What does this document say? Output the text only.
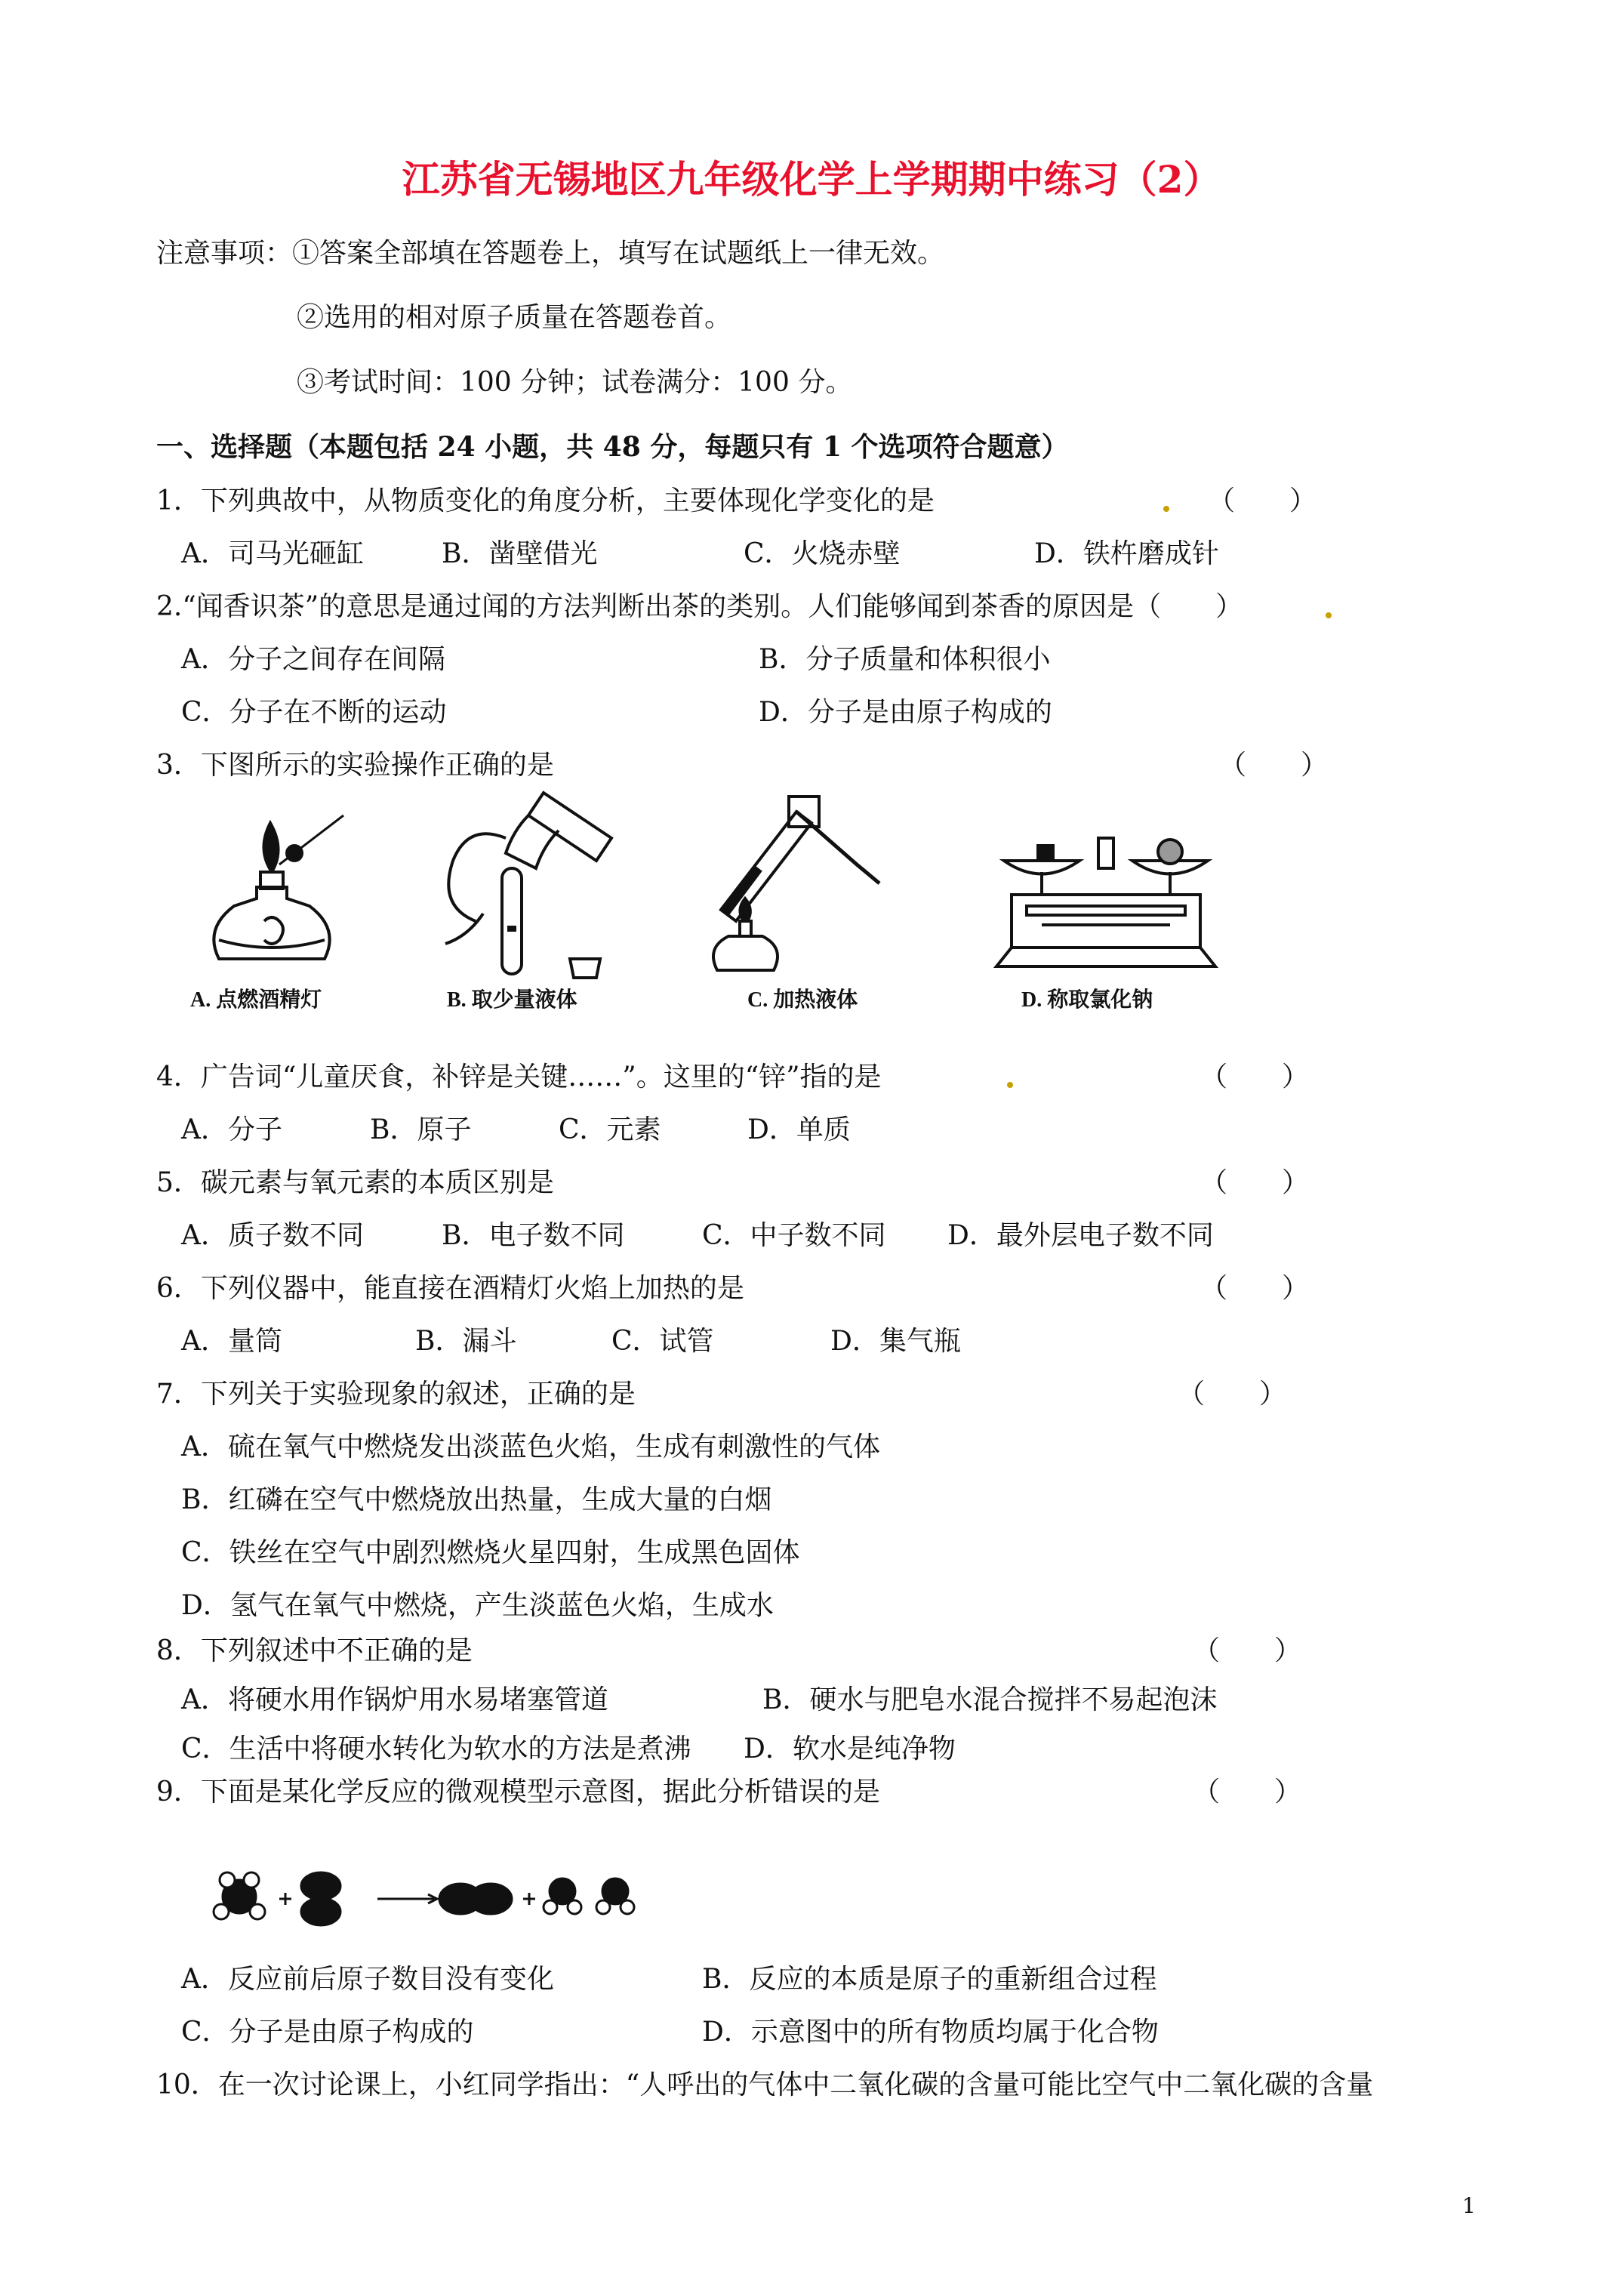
江苏省无锡地区九年级化学上学期期中练习（2）
注意事项：①答案全部填在答题卷上，填写在试题纸上一律无效。
②选用的相对原子质量在答题卷首。
③考试时间：100 分钟；试卷满分：100 分。
一、选择题（本题包括 24 小题，共 48 分，每题只有 1 个选项符合题意）
1．下列典故中，从物质变化的角度分析，主要体现化学变化的是	（　　）
A．司马光砸缸	B．凿壁借光	C．火烧赤壁	D．铁杵磨成针
2.“闻香识茶”的意思是通过闻的方法判断出茶的类别。人们能够闻到茶香的原因是（　　）
A．分子之间存在间隔	B．分子质量和体积很小
C．分子在不断的运动	D．分子是由原子构成的
3．下图所示的实验操作正确的是	（　　）
A. 点燃酒精灯	B. 取少量液体	C. 加热液体	D. 称取氯化钠
4．广告词“儿童厌食，补锌是关键……”。这里的“锌”指的是	（　　）
A．分子	B．原子	C．元素	D．单质
5．碳元素与氧元素的本质区别是	（　　）
A．质子数不同	B．电子数不同	C．中子数不同 D．最外层电子数不同
6．下列仪器中，能直接在酒精灯火焰上加热的是	（　　）
A．量筒	B．漏斗	C．试管	D．集气瓶
7．下列关于实验现象的叙述，正确的是	（　　）
A．硫在氧气中燃烧发出淡蓝色火焰，生成有刺激性的气体
B．红磷在空气中燃烧放出热量，生成大量的白烟
C．铁丝在空气中剧烈燃烧火星四射，生成黑色固体
D．氢气在氧气中燃烧，产生淡蓝色火焰，生成水
8．下列叙述中不正确的是	（　　）
A．将硬水用作锅炉用水易堵塞管道	B．硬水与肥皂水混合搅拌不易起泡沫
C．生活中将硬水转化为软水的方法是煮沸 D．软水是纯净物
9．下面是某化学反应的微观模型示意图，据此分析错误的是	（　　）
A．反应前后原子数目没有变化	B．反应的本质是原子的重新组合过程
C．分子是由原子构成的	D．示意图中的所有物质均属于化合物
10．在一次讨论课上，小红同学指出：“人呼出的气体中二氧化碳的含量可能比空气中二氧化碳的含量
1
